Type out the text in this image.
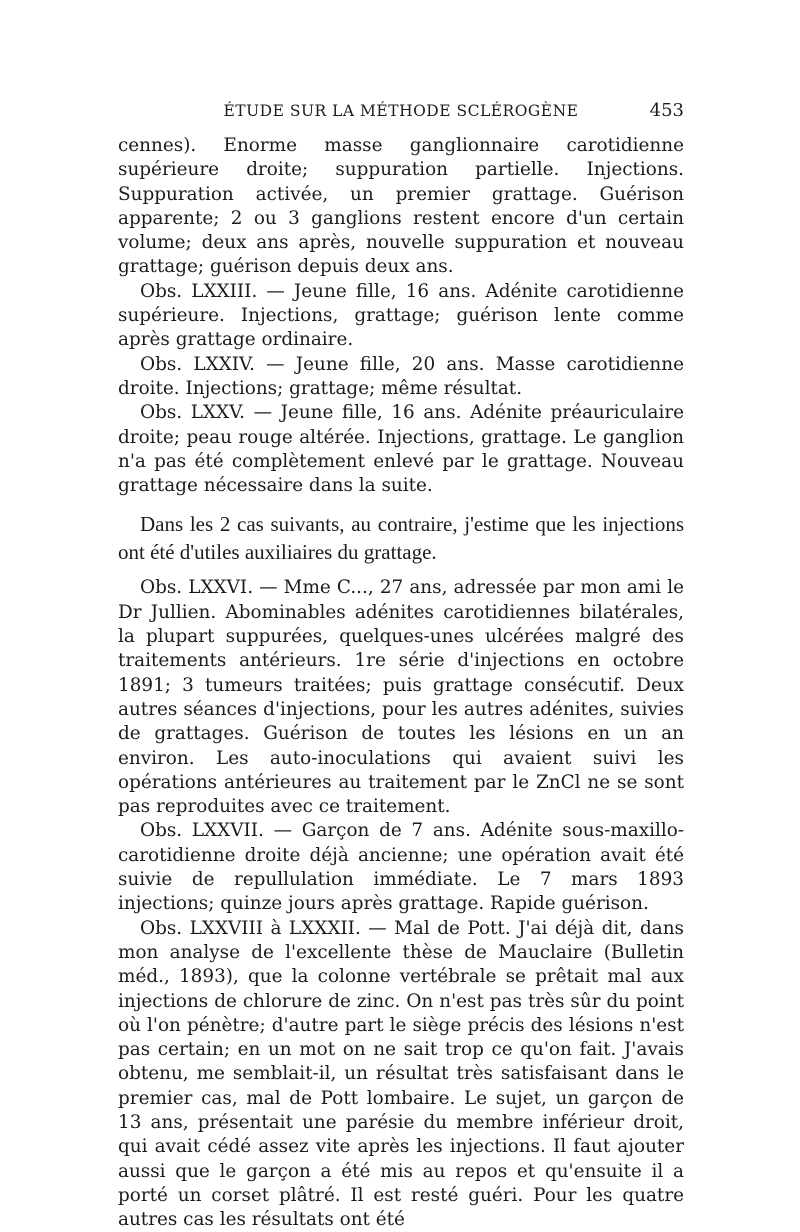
ÉTUDE SUR LA MÉTHODE SCLÉROGÈNE	453

cennes). Enorme masse ganglionnaire carotidienne supérieure droite; suppuration partielle. Injections. Suppuration activée, un premier grattage. Guérison apparente; 2 ou 3 ganglions restent encore d'un certain volume; deux ans après, nouvelle suppuration et nouveau grattage; guérison depuis deux ans.

Obs. LXXIII. — Jeune fille, 16 ans. Adénite carotidienne supérieure. Injections, grattage; guérison lente comme après grattage ordinaire.

Obs. LXXIV. — Jeune fille, 20 ans. Masse carotidienne droite. Injections; grattage; même résultat.

Obs. LXXV. — Jeune fille, 16 ans. Adénite préauriculaire droite; peau rouge altérée. Injections, grattage. Le ganglion n'a pas été complètement enlevé par le grattage. Nouveau grattage nécessaire dans la suite.

Dans les 2 cas suivants, au contraire, j'estime que les injections ont été d'utiles auxiliaires du grattage.

Obs. LXXVI. — Mme C..., 27 ans, adressée par mon ami le Dr Jullien. Abominables adénites carotidiennes bilatérales, la plupart suppurées, quelques-unes ulcérées malgré des traitements antérieurs. 1re série d'injections en octobre 1891; 3 tumeurs traitées; puis grattage consécutif. Deux autres séances d'injections, pour les autres adénites, suivies de grattages. Guérison de toutes les lésions en un an environ. Les auto-inoculations qui avaient suivi les opérations antérieures au traitement par le ZnCl ne se sont pas reproduites avec ce traitement.

Obs. LXXVII. — Garçon de 7 ans. Adénite sous-maxillo-carotidienne droite déjà ancienne; une opération avait été suivie de repullulation immédiate. Le 7 mars 1893 injections; quinze jours après grattage. Rapide guérison.

Obs. LXXVIII à LXXXII. — Mal de Pott. J'ai déjà dit, dans mon analyse de l'excellente thèse de Mauclaire (Bulletin méd., 1893), que la colonne vertébrale se prêtait mal aux injections de chlorure de zinc. On n'est pas très sûr du point où l'on pénètre; d'autre part le siège précis des lésions n'est pas certain; en un mot on ne sait trop ce qu'on fait. J'avais obtenu, me semblait-il, un résultat très satisfaisant dans le premier cas, mal de Pott lombaire. Le sujet, un garçon de 13 ans, présentait une parésie du membre inférieur droit, qui avait cédé assez vite après les injections. Il faut ajouter aussi que le garçon a été mis au repos et qu'ensuite il a porté un corset plâtré. Il est resté guéri. Pour les quatre autres cas les résultats ont été
